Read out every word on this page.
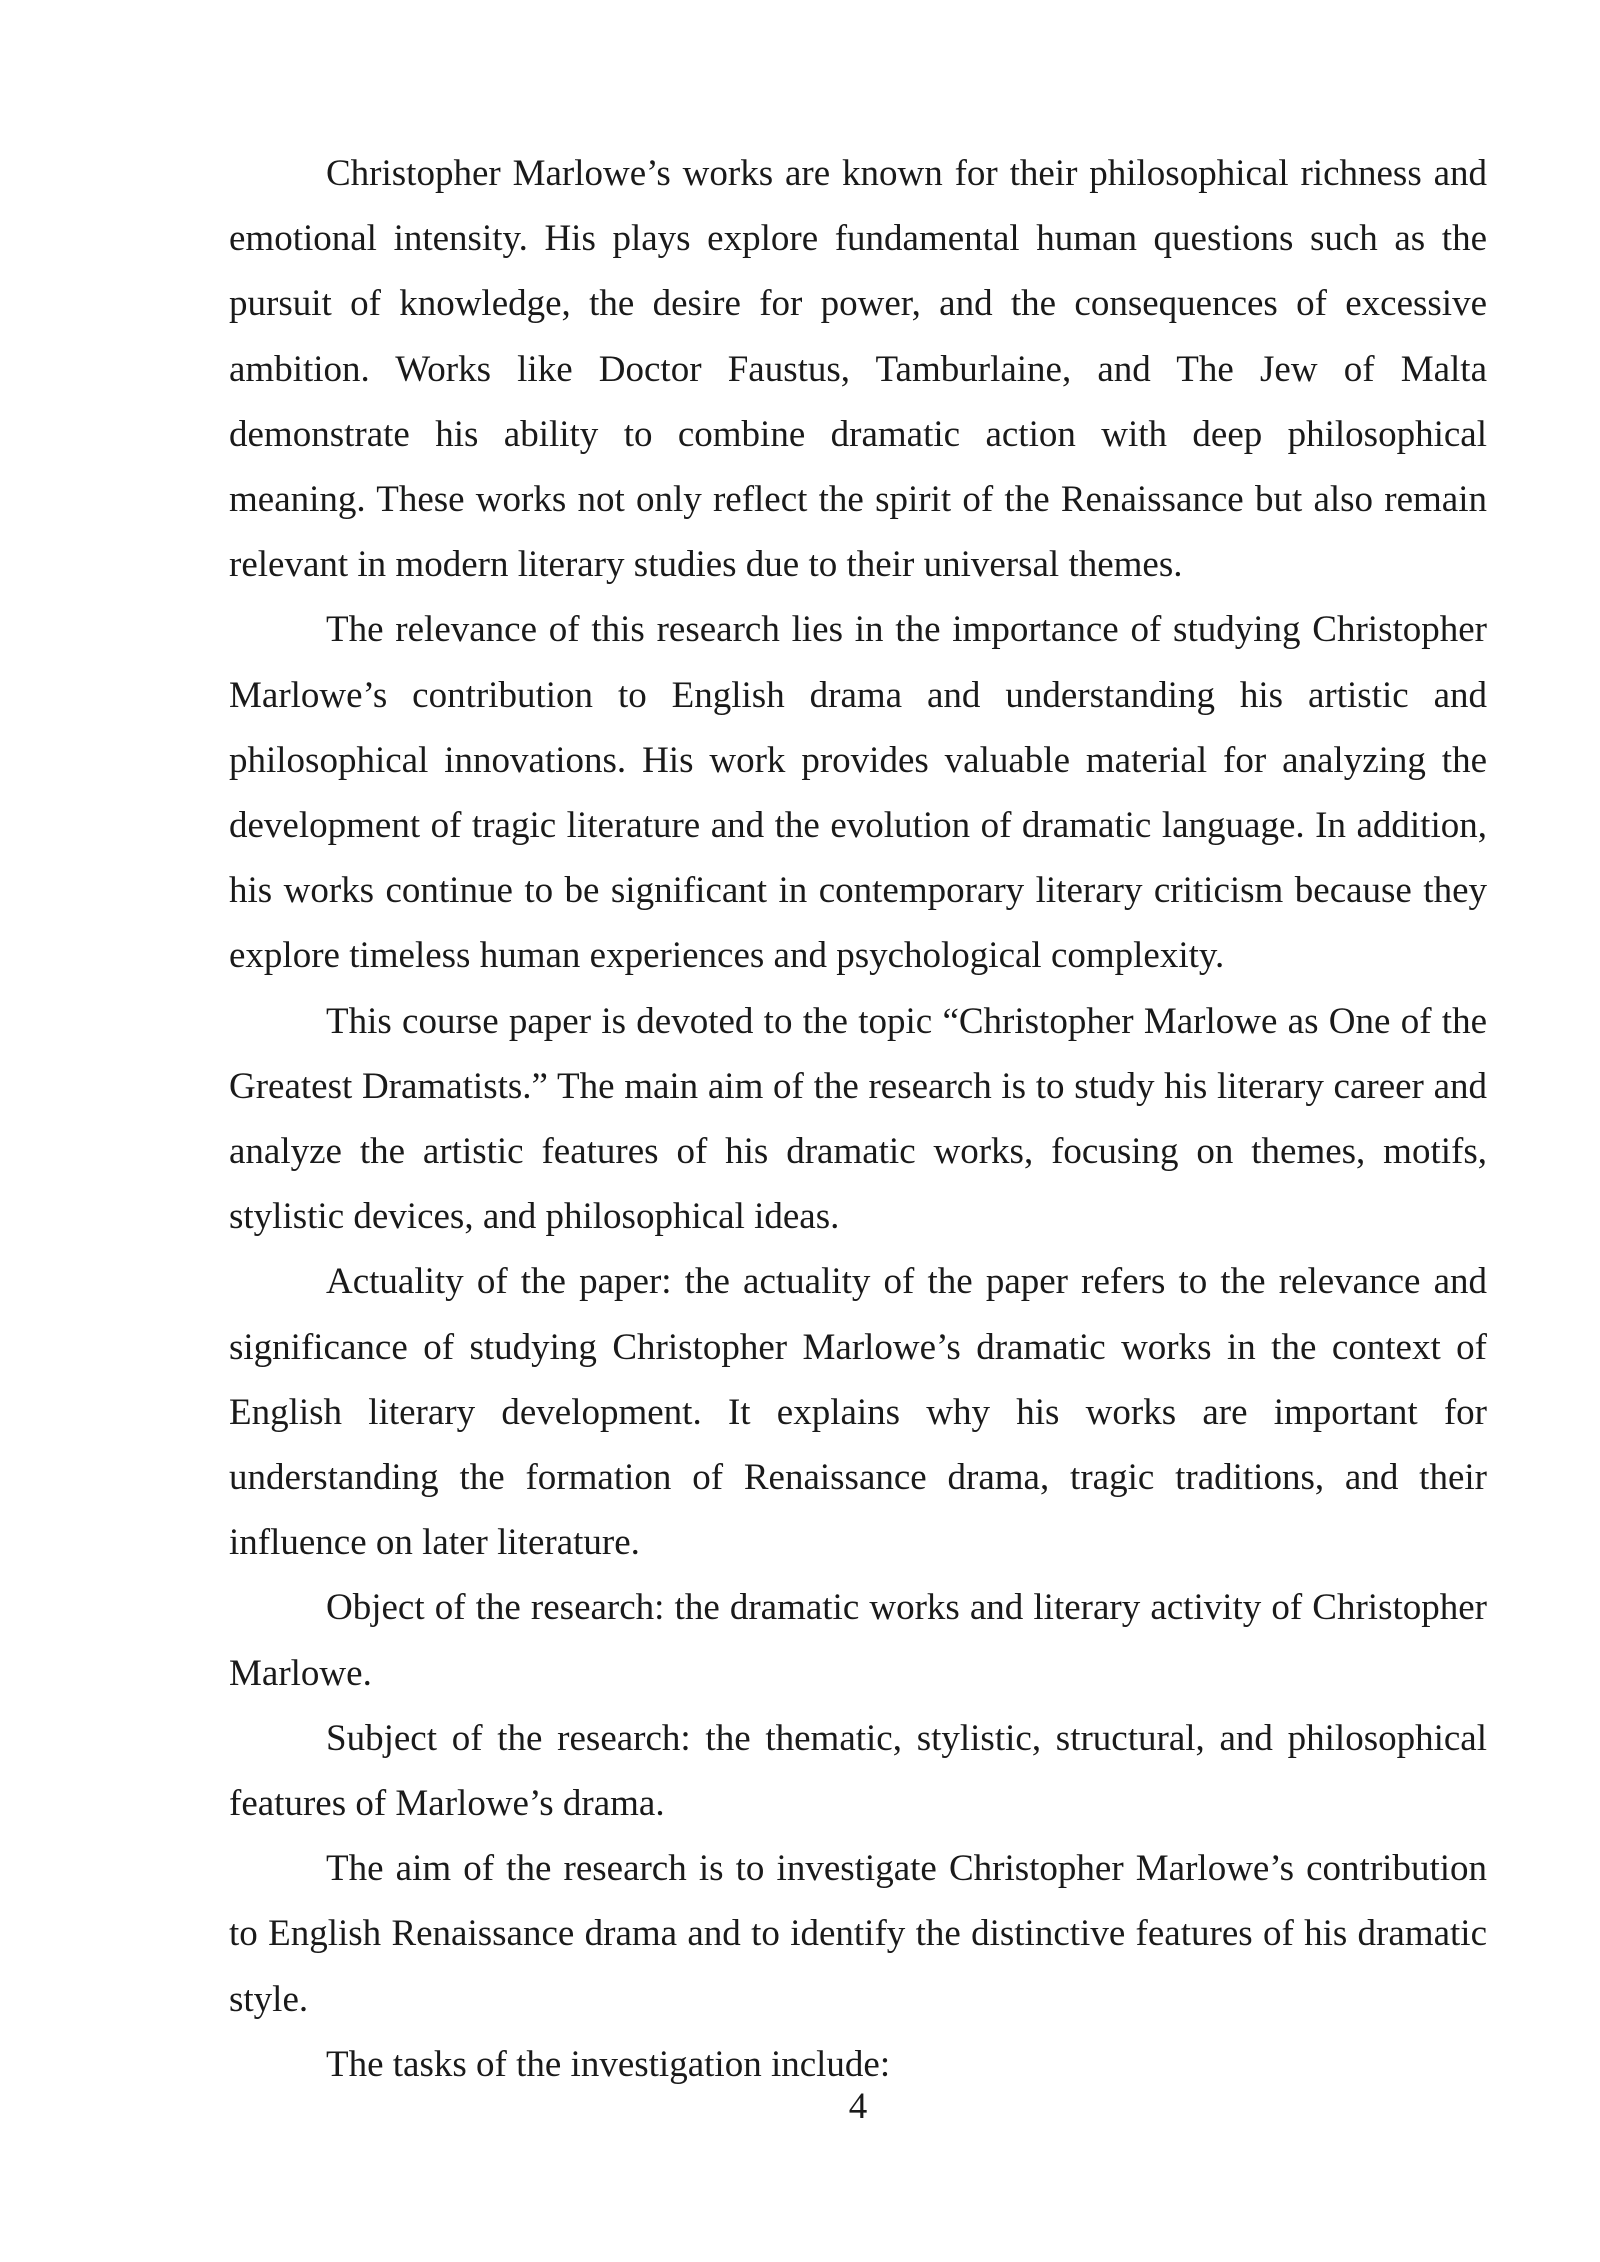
Christopher Marlowe’s works are known for their philosophical richness and emotional intensity. His plays explore fundamental human questions such as the pursuit of knowledge, the desire for power, and the consequences of excessive ambition. Works like Doctor Faustus, Tamburlaine, and The Jew of Malta demonstrate his ability to combine dramatic action with deep philosophical meaning. These works not only reflect the spirit of the Renaissance but also remain relevant in modern literary studies due to their universal themes.

The relevance of this research lies in the importance of studying Christopher Marlowe’s contribution to English drama and understanding his artistic and philosophical innovations. His work provides valuable material for analyzing the development of tragic literature and the evolution of dramatic language. In addition, his works continue to be significant in contemporary literary criticism because they explore timeless human experiences and psychological complexity.

This course paper is devoted to the topic “Christopher Marlowe as One of the Greatest Dramatists.” The main aim of the research is to study his literary career and analyze the artistic features of his dramatic works, focusing on themes, motifs, stylistic devices, and philosophical ideas.

Actuality of the paper: the actuality of the paper refers to the relevance and significance of studying Christopher Marlowe’s dramatic works in the context of English literary development. It explains why his works are important for understanding the formation of Renaissance drama, tragic traditions, and their influence on later literature.

Object of the research: the dramatic works and literary activity of Christopher Marlowe.

Subject of the research: the thematic, stylistic, structural, and philosophical features of Marlowe’s drama.

The aim of the research is to investigate Christopher Marlowe’s contribution to English Renaissance drama and to identify the distinctive features of his dramatic style.

The tasks of the investigation include:

4
